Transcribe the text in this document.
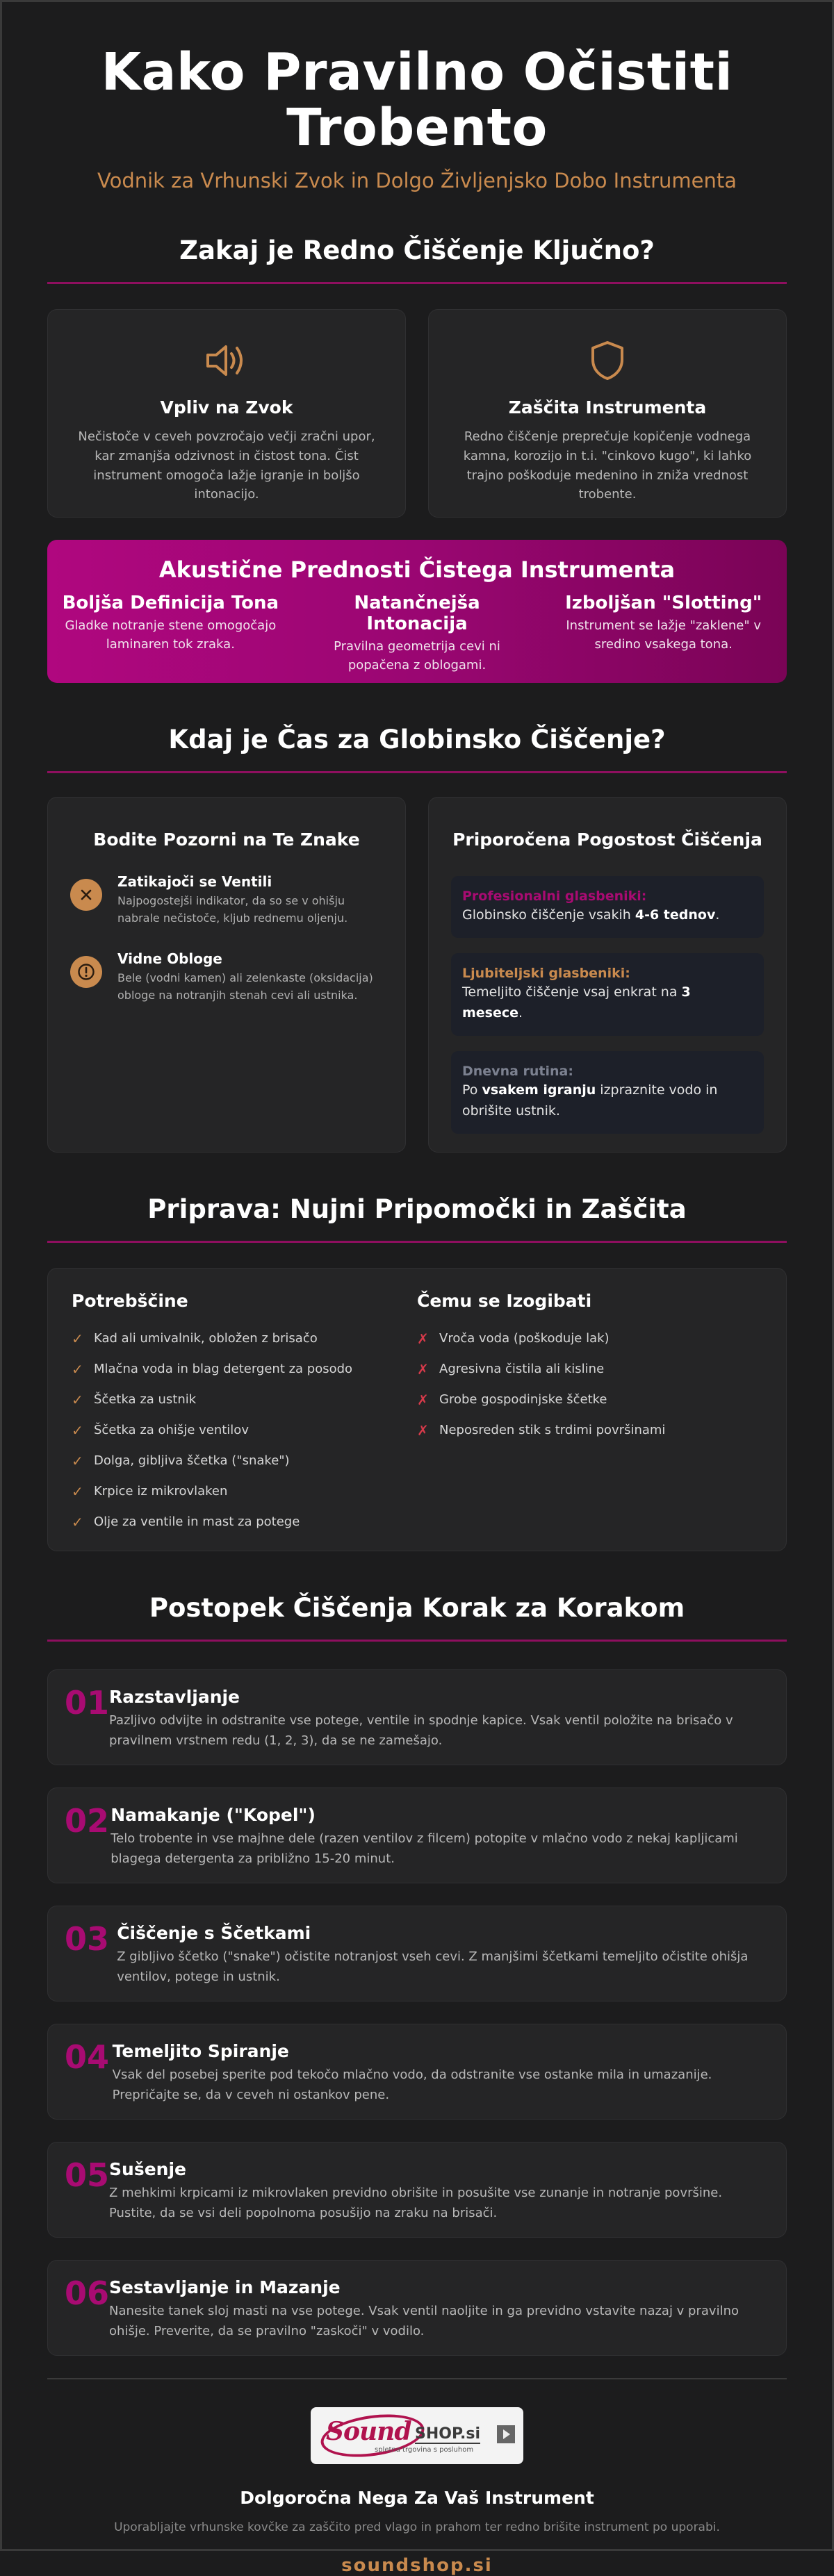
Kako Pravilno Očistiti
Trobento

Vodnik za Vrhunski Zvok in Dolgo Življenjsko Dobo Instrumenta

Zakaj je Redno Čiščenje Ključno?
Vpliv na Zvok

Nečistoče v ceveh povzročajo večji zračni upor, kar zmanjša odzivnost in čistost tona. Čist instrument omogoča lažje igranje in boljšo intonacijo.

Zaščita Instrumenta

Redno čiščenje preprečuje kopičenje vodnega kamna, korozijo in t.i. "cinkovo kugo", ki lahko trajno poškoduje medenino in zniža vrednost trobente.

Akustične Prednosti Čistega Instrumenta
Boljša Definicija Tona

Gladke notranje stene omogočajo laminaren tok zraka.

Natančnejša Intonacija

Pravilna geometrija cevi ni popačena z oblogami.

Izboljšan "Slotting"

Instrument se lažje "zaklene" v sredino vsakega tona.

Kdaj je Čas za Globinsko Čiščenje?
Bodite Pozorni na Te Znake
Zatikajoči se Ventili

Najpogostejši indikator, da so se v ohišju nabrale nečistoče, kljub rednemu oljenju.

Vidne Obloge

Bele (vodni kamen) ali zelenkaste (oksidacija) obloge na notranjih stenah cevi ali ustnika.

Priporočena Pogostost Čiščenja
Profesionalni glasbeniki:
Globinsko čiščenje vsakih 4-6 tednov.
Ljubiteljski glasbeniki:
Temeljito čiščenje vsaj enkrat na 3 mesece.
Dnevna rutina:
Po vsakem igranju izpraznite vodo in obrišite ustnik.
Priprava: Nujni Pripomočki in Zaščita
Potrebščine
✓ Kad ali umivalnik, obložen z brisačo
✓ Mlačna voda in blag detergent za posodo
✓ Ščetka za ustnik
✓ Ščetka za ohišje ventilov
✓ Dolga, gibljiva ščetka ("snake")
✓ Krpice iz mikrovlaken
✓ Olje za ventile in mast za potege
Čemu se Izogibati
✗ Vroča voda (poškoduje lak)
✗ Agresivna čistila ali kisline
✗ Grobe gospodinjske ščetke
✗ Neposreden stik s trdimi površinami
Postopek Čiščenja Korak za Korakom
01 Razstavljanje

Pazljivo odvijte in odstranite vse potege, ventile in spodnje kapice. Vsak ventil položite na brisačo v pravilnem vrstnem redu (1, 2, 3), da se ne zamešajo.

02 Namakanje ("Kopel")

Telo trobente in vse majhne dele (razen ventilov z filcem) potopite v mlačno vodo z nekaj kapljicami blagega detergenta za približno 15-20 minut.

03 Čiščenje s Ščetkami

Z gibljivo ščetko ("snake") očistite notranjost vseh cevi. Z manjšimi ščetkami temeljito očistite ohišja ventilov, potege in ustnik.

04 Temeljito Spiranje

Vsak del posebej sperite pod tekočo mlačno vodo, da odstranite vse ostanke mila in umazanije. Prepričajte se, da v ceveh ni ostankov pene.

05 Sušenje

Z mehkimi krpicami iz mikrovlaken previdno obrišite in posušite vse zunanje in notranje površine. Pustite, da se vsi deli popolnoma posušijo na zraku na brisači.

06 Sestavljanje in Mazanje

Nanesite tanek sloj masti na vse potege. Vsak ventil naoljite in ga previdno vstavite nazaj v pravilno ohišje. Preverite, da se pravilno "zaskoči" v vodilo.

Sound SHOP.si
spletna trgovina s posluhom
Dolgoročna Nega Za Vaš Instrument

Uporabljajte vrhunske kovčke za zaščito pred vlago in prahom ter redno brišite instrument po uporabi.

soundshop.si
